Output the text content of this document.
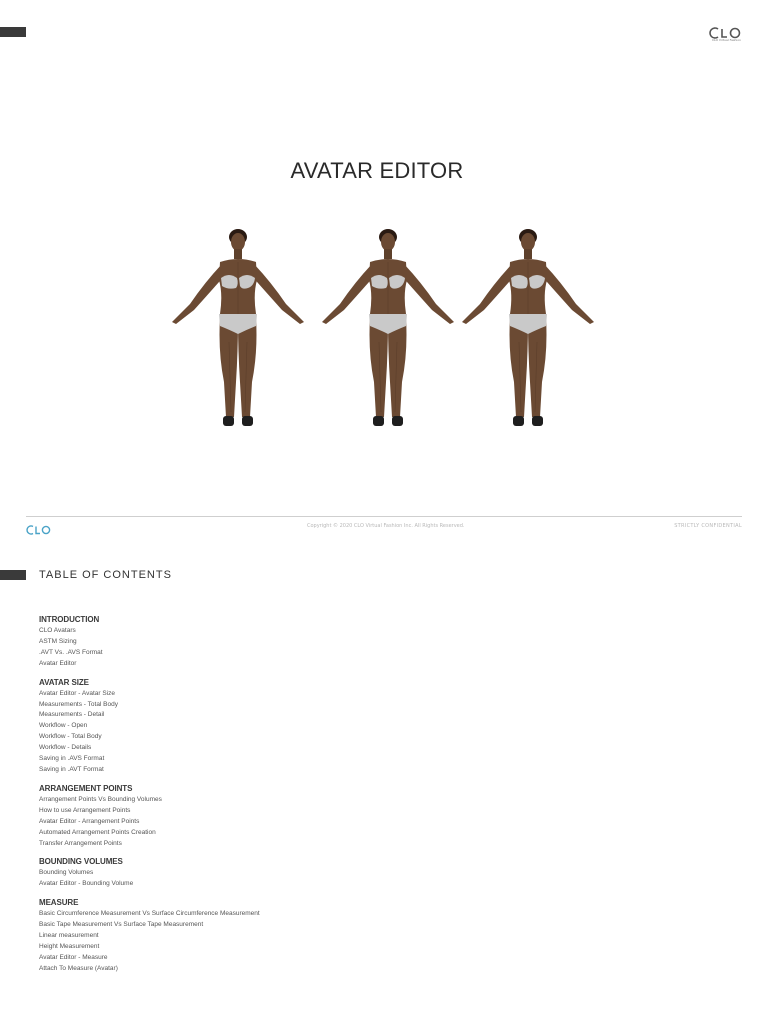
CLO Virtual Fashion
AVATAR EDITOR
Copyright © 2020 CLO Virtual Fashion Inc. All Rights Reserved.	STRICTLY CONFIDENTIAL
TABLE OF CONTENTS
INTRODUCTION
CLO Avatars
ASTM Sizing
.AVT Vs. .AVS Format
Avatar Editor
AVATAR SIZE
Avatar Editor - Avatar Size
Measurements - Total Body
Measurements - Detail
Workflow - Open
Workflow - Total Body
Workflow - Details
Saving in .AVS Format
Saving in .AVT Format
ARRANGEMENT POINTS
Arrangement Points Vs Bounding Volumes
How to use Arrangement Points
Avatar Editor - Arrangement Points
Automated Arrangement Points Creation
Transfer Arrangement Points
BOUNDING VOLUMES
Bounding Volumes
Avatar Editor - Bounding Volume
MEASURE
Basic Circumference Measurement Vs Surface Circumference Measurement
Basic Tape Measurement Vs Surface Tape Measurement
Linear measurement
Height Measurement
Avatar Editor - Measure
Attach To Measure (Avatar)
